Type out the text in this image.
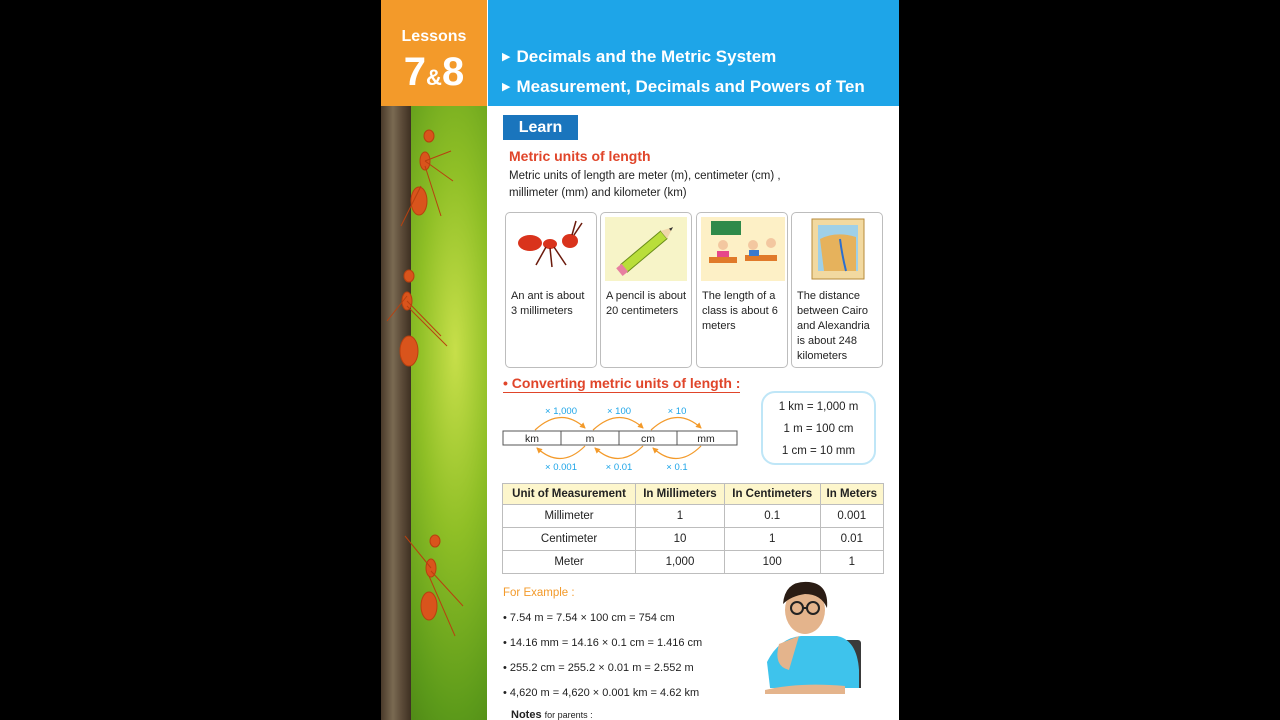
Lessons
7&8	▶ Decimals and the Metric System
▶ Measurement, Decimals and Powers of Ten
Learn
Metric units of length
Metric units of length are meter (m), centimeter (cm) , millimeter (mm) and kilometer (km)
An ant is about 3 millimeters
A pencil is about 20 centimeters
The length of a class is about 6 meters
The distance between Cairo and Alexandria is about 248 kilometers
• Converting metric units of length :
km	m	cm	mm
× 1,000	× 100	× 10
× 0.001	× 0.01	× 0.1
1 km = 1,000 m
1 m = 100 cm
1 cm = 10 mm
Unit of Measurement	In Millimeters	In Centimeters	In Meters
Millimeter	1	0.1	0.001
Centimeter	10	1	0.01
Meter	1,000	100	1
For Example :
• 7.54 m = 7.54 × 100 cm = 754 cm
• 14.16 mm = 14.16 × 0.1 cm = 1.416 cm
• 255.2 cm = 255.2 × 0.01 m = 2.552 m
• 4,620 m = 4,620 × 0.001 km = 4.62 km
Notes for parents :
